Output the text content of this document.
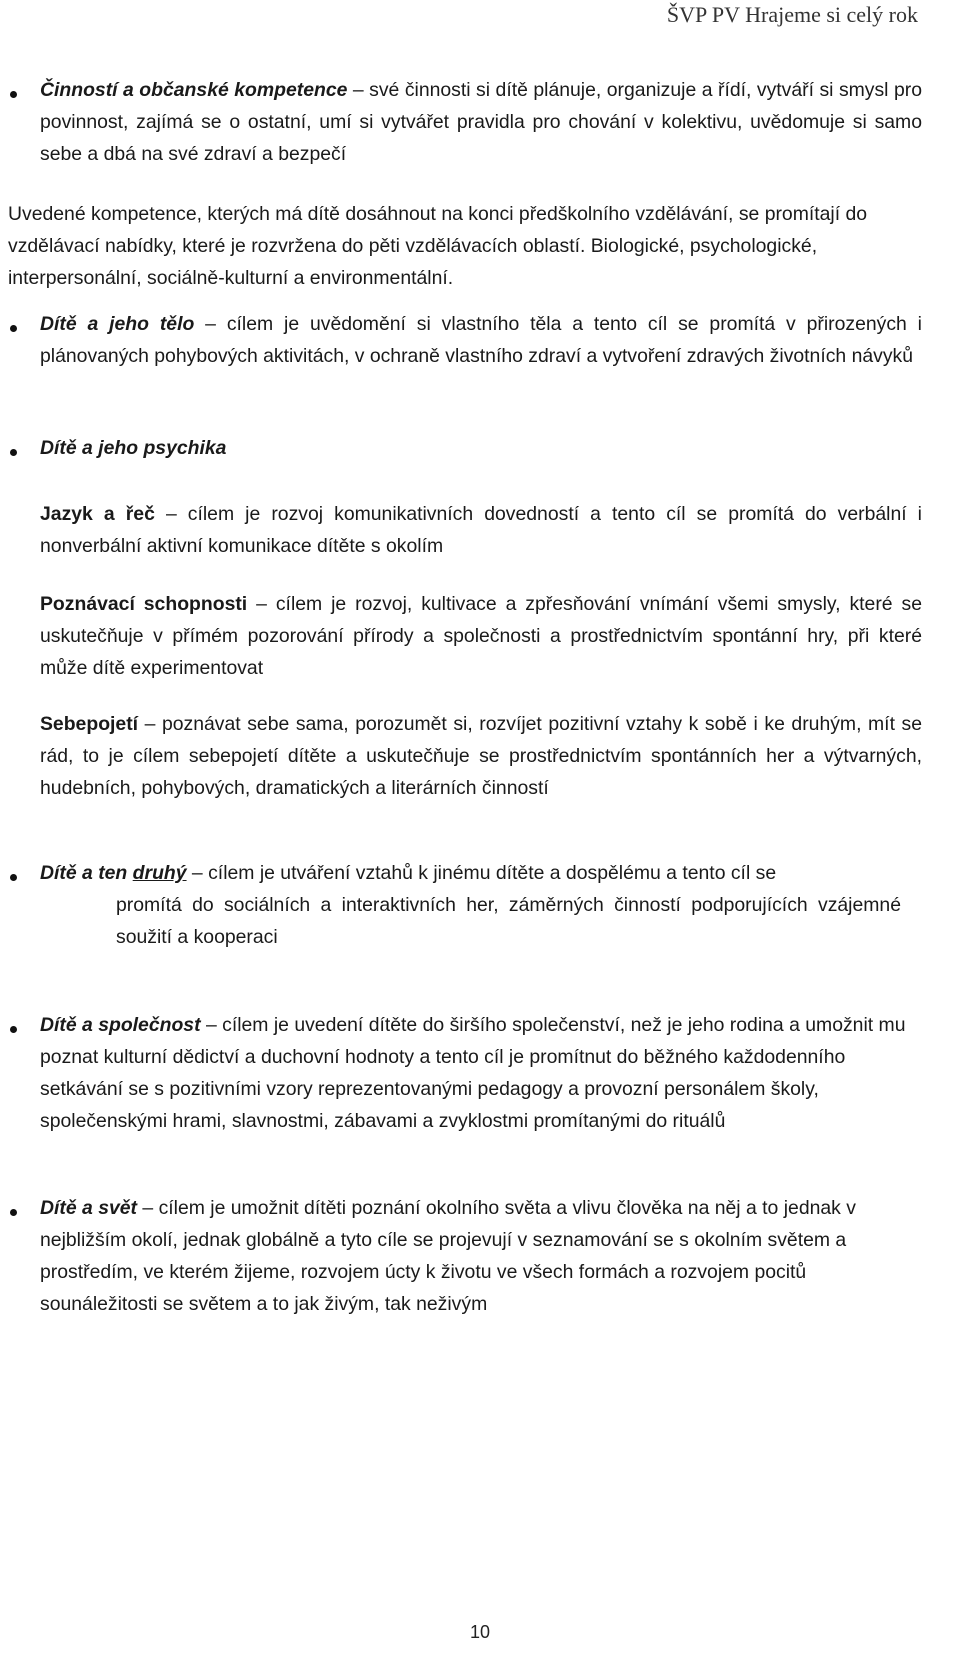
ŠVP PV Hrajeme si celý rok
Činností a občanské kompetence – své činnosti si dítě plánuje, organizuje a řídí, vytváří si smysl pro povinnost, zajímá se o ostatní, umí si vytvářet pravidla pro chování v kolektivu, uvědomuje si samo sebe a dbá na své zdraví a bezpečí
Uvedené kompetence, kterých má dítě dosáhnout na konci předškolního vzdělávání, se promítají do vzdělávací nabídky, které je rozvržena do pěti vzdělávacích oblastí. Biologické, psychologické, interpersonální, sociálně-kulturní a environmentální.
Dítě a jeho tělo – cílem je uvědomění si vlastního těla a tento cíl se promítá v přirozených i plánovaných pohybových aktivitách, v ochraně vlastního zdraví a vytvoření zdravých životních návyků
Dítě a jeho psychika
Jazyk a řeč – cílem je rozvoj komunikativních dovedností a tento cíl se promítá do verbální i nonverbální aktivní komunikace dítěte s okolím
Poznávací schopnosti – cílem je rozvoj, kultivace a zpřesňování vnímání všemi smysly, které se uskutečňuje v přímém pozorování přírody a společnosti a prostřednictvím spontánní hry, při které může dítě experimentovat
Sebepojetí – poznávat sebe sama, porozumět si, rozvíjet pozitivní vztahy k sobě i ke druhým, mít se rád, to je cílem sebepojetí dítěte a uskutečňuje se prostřednictvím spontánních her a výtvarných, hudebních, pohybových, dramatických a literárních činností
Dítě a ten druhý – cílem je utváření vztahů k jinému dítěte a dospělému a tento cíl se
promítá do sociálních a interaktivních her, záměrných činností podporujících vzájemné soužití a kooperaci
Dítě a společnost – cílem je uvedení dítěte do širšího společenství, než je jeho rodina a umožnit mu poznat kulturní dědictví a duchovní hodnoty a tento cíl je promítnut do běžného každodenního setkávání se s pozitivními vzory reprezentovanými pedagogy a provozní personálem školy, společenskými hrami, slavnostmi, zábavami a zvyklostmi promítanými do rituálů
Dítě a svět – cílem je umožnit dítěti poznání okolního světa a vlivu člověka na něj a to jednak v nejbližším okolí, jednak globálně a tyto cíle se projevují v seznamování se s okolním světem a prostředím, ve kterém žijeme, rozvojem úcty k životu ve všech formách a rozvojem pocitů sounáležitosti se světem a to jak živým, tak neživým
10
